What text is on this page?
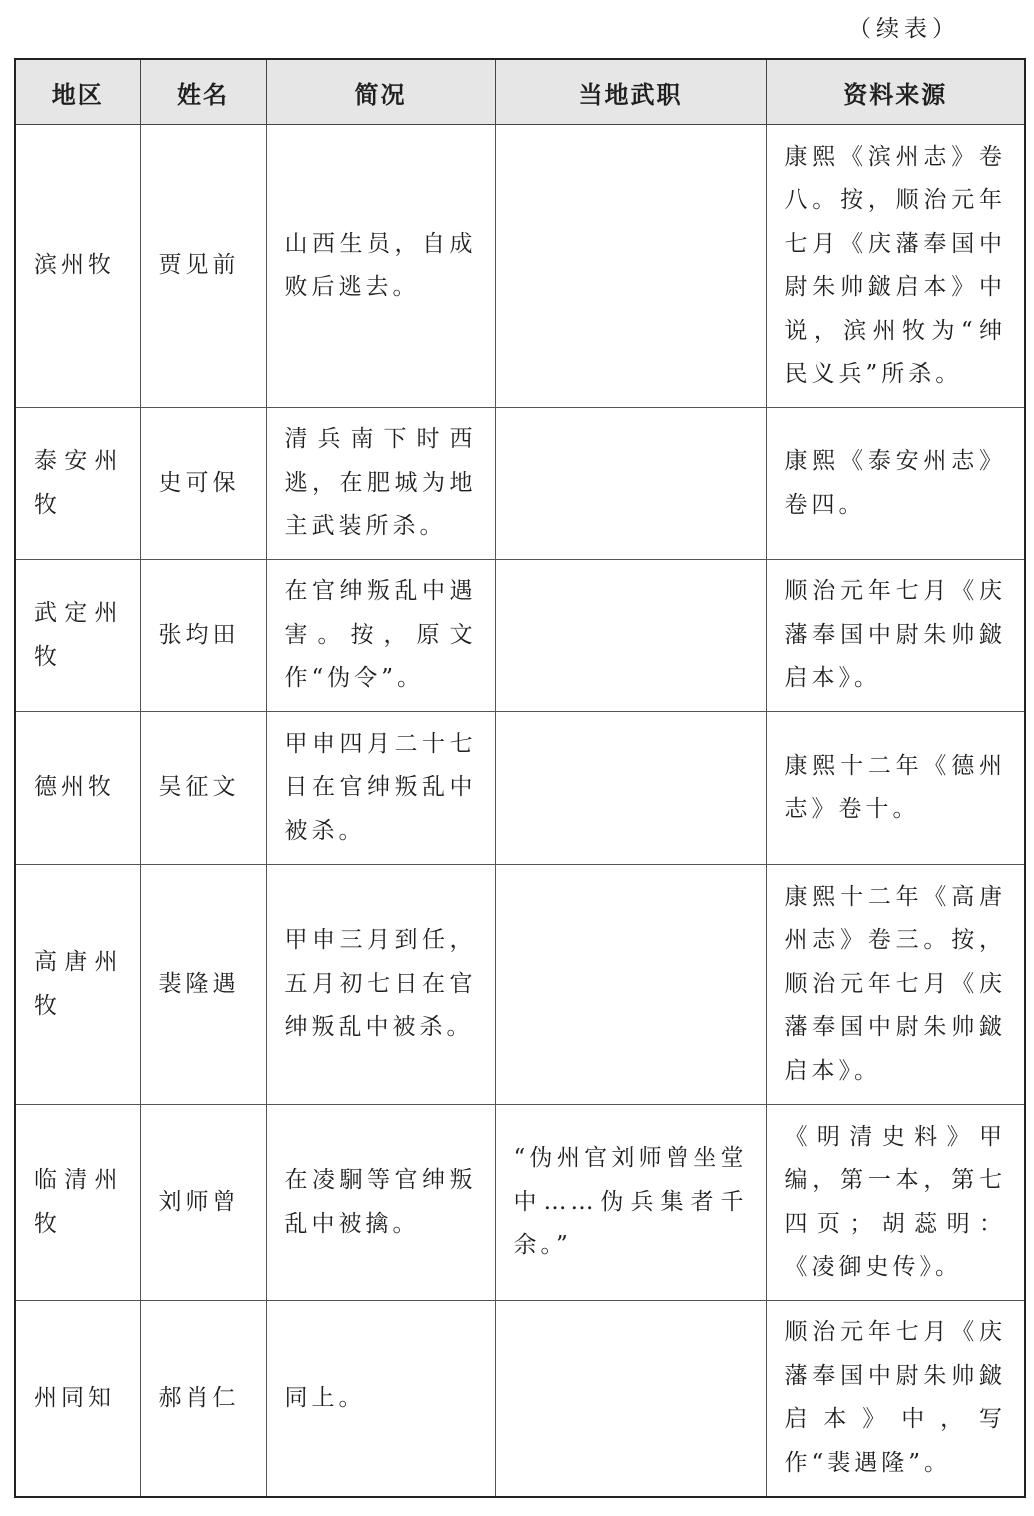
（续表）
地区	姓名	简况	当地武职	资料来源
滨州牧	贾见前	山西生员，自成败后逃去。		康熙《滨州志》卷八。按，顺治元年七月《庆藩奉国中尉朱帅𨨏启本》中说，滨州牧为“绅民义兵”所杀。
泰安州牧	史可保	清兵南下时西逃，在肥城为地主武装所杀。		康熙《泰安州志》卷四。
武定州牧	张均田	在官绅叛乱中遇害。按，原文作“伪令”。		顺治元年七月《庆藩奉国中尉朱帅𨨏启本》。
德州牧	吴征文	甲申四月二十七日在官绅叛乱中被杀。		康熙十二年《德州志》卷十。
高唐州牧	裴隆遇	甲申三月到任，五月初七日在官绅叛乱中被杀。		康熙十二年《高唐州志》卷三。按，顺治元年七月《庆藩奉国中尉朱帅𨨏启本》。
临清州牧	刘师曾	在凌駉等官绅叛乱中被擒。	“伪州官刘师曾坐堂中……伪兵集者千余。”	《明清史料》甲编，第一本，第七四页；胡蕊明：《凌御史传》。
州同知	郝肖仁	同上。		顺治元年七月《庆藩奉国中尉朱帅𨨏启本》中，写作“裴遇隆”。
